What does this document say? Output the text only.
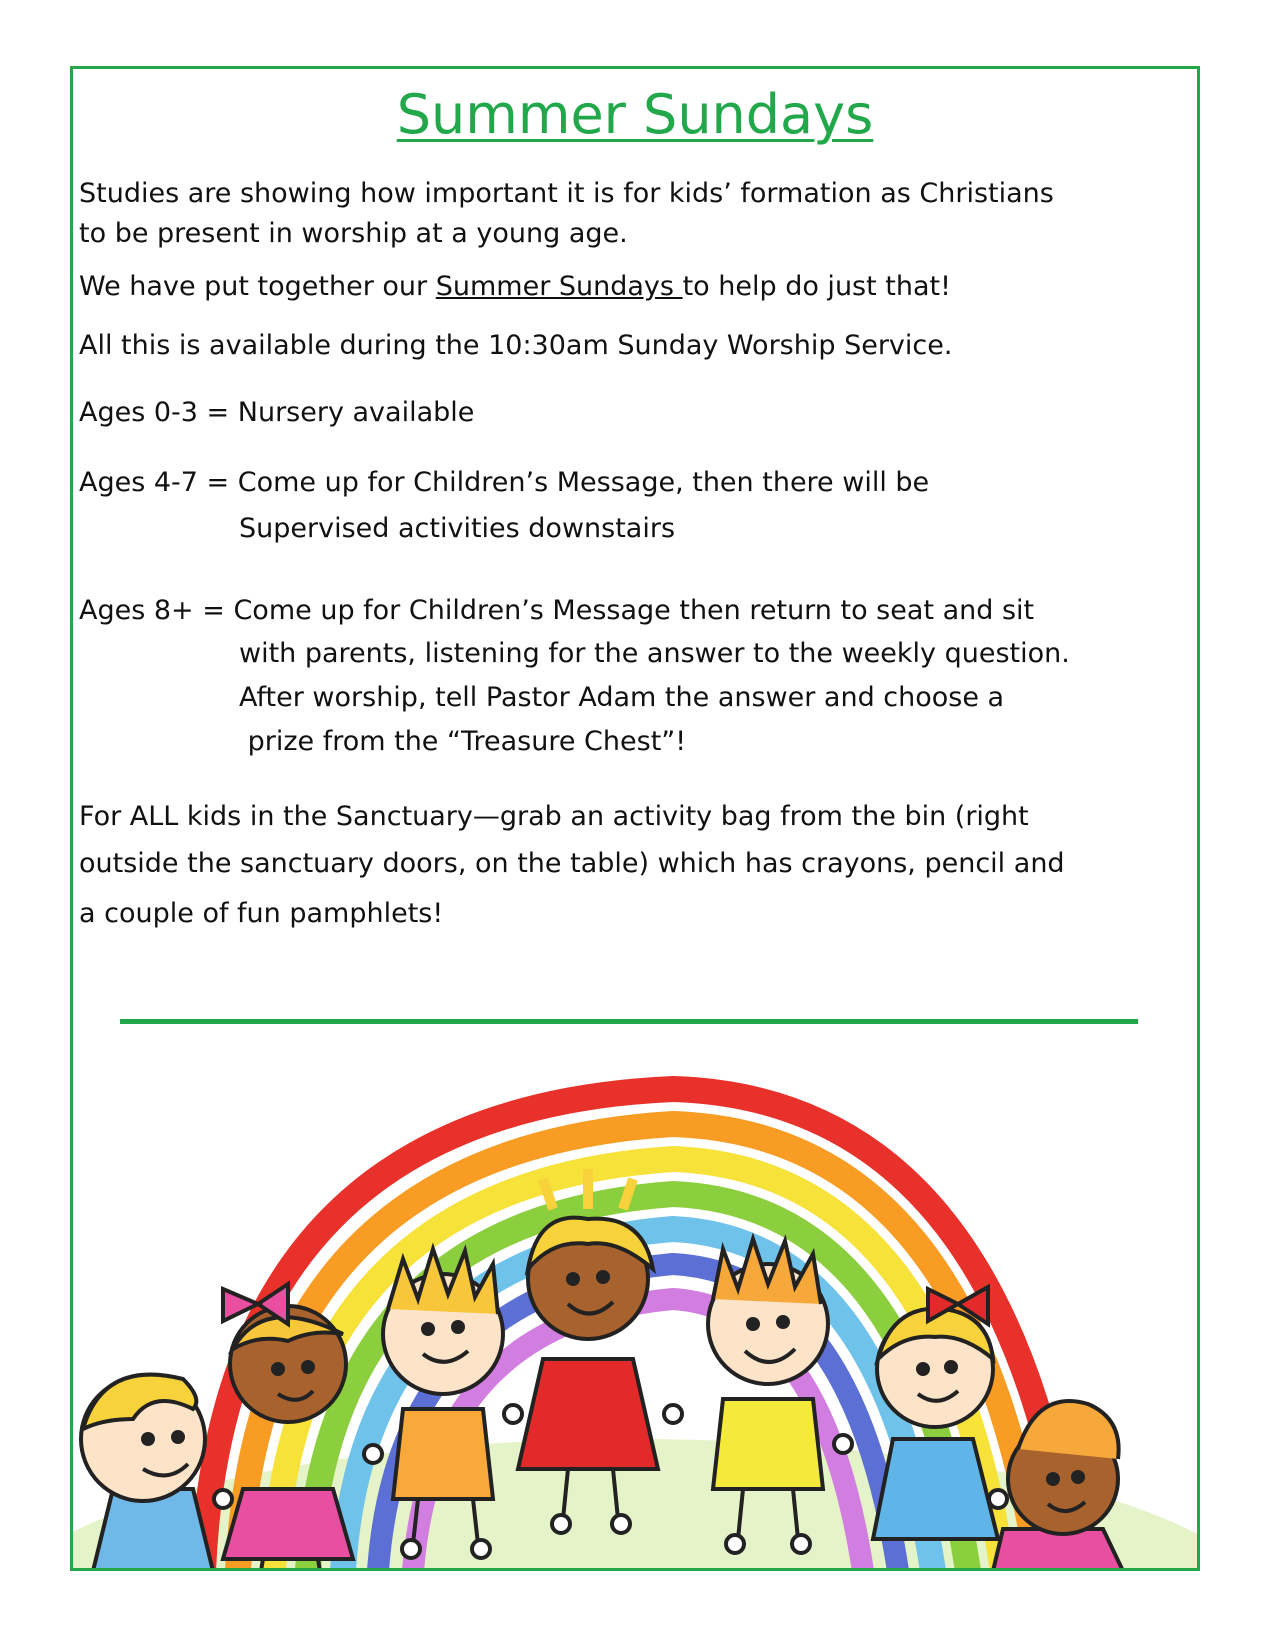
Summer Sundays
Studies are showing how important it is for kids’ formation as Christians
to be present in worship at a young age.
We have put together our Summer Sundays to help do just that!
All this is available during the 10:30am Sunday Worship Service.
Ages 0-3 = Nursery available
Ages 4-7 = Come up for Children’s Message, then there will be
Supervised activities downstairs
Ages 8+ = Come up for Children’s Message then return to seat and sit
with parents, listening for the answer to the weekly question.
After worship, tell Pastor Adam the answer and choose a
prize from the “Treasure Chest”!
For ALL kids in the Sanctuary—grab an activity bag from the bin (right
outside the sanctuary doors, on the table) which has crayons, pencil and
a couple of fun pamphlets!
